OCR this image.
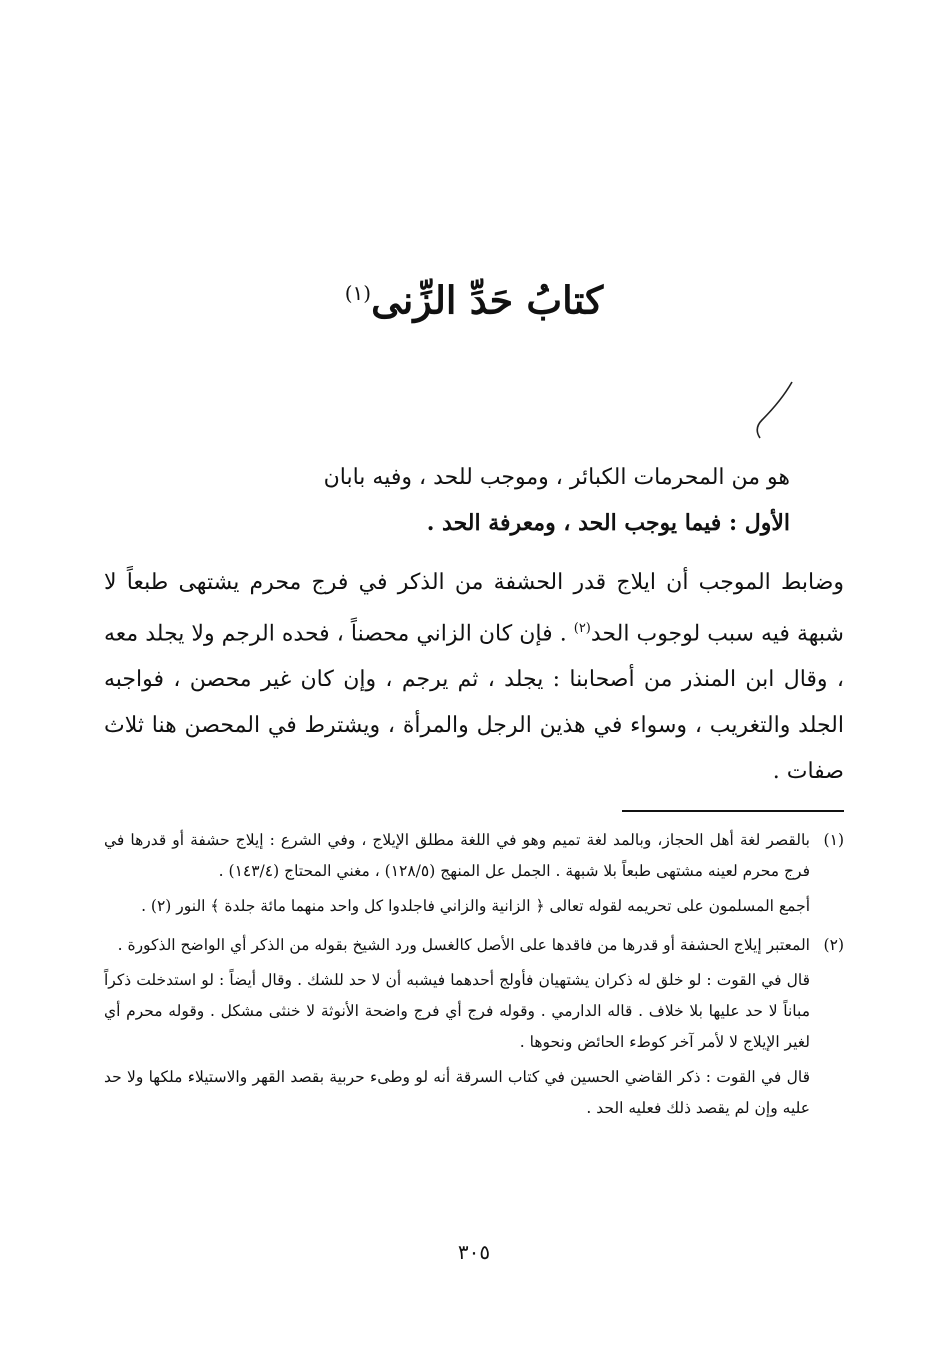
كتابُ حَدِّ الزِّنى$^{(١)}$
هو من المحرمات الكبائر ، وموجب للحد ، وفيه بابان
الأول : فيما يوجب الحد ، ومعرفة الحد .
وضابط الموجب أن ايلاج قدر الحشفة من الذكر في فرج محرم يشتهى طبعاً لا شبهة فيه سبب لوجوب الحد$^{(٢)}$ . فإن كان الزاني محصناً ، فحده الرجم ولا يجلد معه ، وقال ابن المنذر من أصحابنا : يجلد ، ثم يرجم ، وإن كان غير محصن ، فواجبه الجلد والتغريب ، وسواء في هذين الرجل والمرأة ، ويشترط في المحصن هنا ثلاث صفات .
(١)

بالقصر لغة أهل الحجاز، وبالمد لغة تميم وهو في اللغة مطلق الإيلاج ، وفي الشرع : إيلاج حشفة أو قدرها في فرج محرم لعينه مشتهى طبعاً بلا شبهة . الجمل عل المنهج (١٢٨/٥) ، مغني المحتاج (١٤٣/٤) .

أجمع المسلمون على تحريمه لقوله تعالى ﴿ الزانية والزاني فاجلدوا كل واحد منهما مائة جلدة ﴾ النور (٢) .

(٢)

المعتبر إيلاج الحشفة أو قدرها من فاقدها على الأصل كالغسل ورد الشيخ بقوله من الذكر أي الواضح الذكورة .

قال في القوت : لو خلق له ذكران يشتهيان فأولج أحدهما فيشبه أن لا حد للشك . وقال أيضاً : لو استدخلت ذكراً مباناً لا حد عليها بلا خلاف . قاله الدارمي . وقوله فرج أي فرج واضحة الأنوثة لا خنثى مشكل . وقوله محرم أي لغير الإيلاج لا لأمر آخر كوطء الحائض ونحوها .

قال في القوت : ذكر القاضي الحسين في كتاب السرقة أنه لو وطىء حربية بقصد القهر والاستيلاء ملكها ولا حد عليه وإن لم يقصد ذلك فعليه الحد .

٣٠٥
